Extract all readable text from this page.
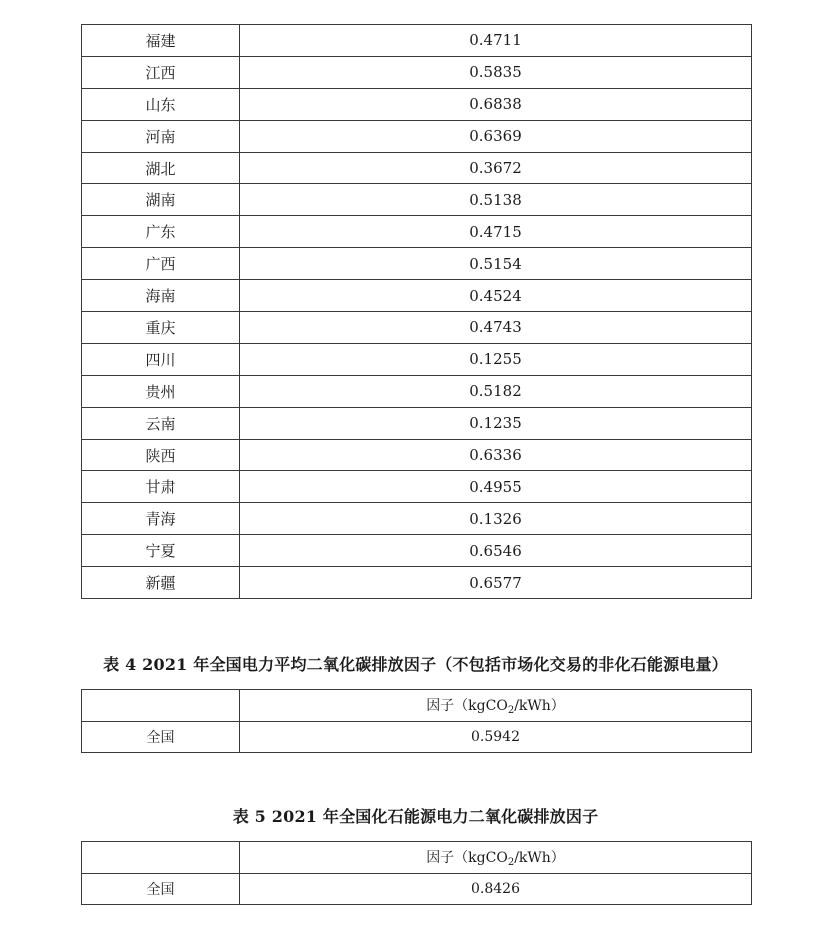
福建	0.4711
江西	0.5835
山东	0.6838
河南	0.6369
湖北	0.3672
湖南	0.5138
广东	0.4715
广西	0.5154
海南	0.4524
重庆	0.4743
四川	0.1255
贵州	0.5182
云南	0.1235
陕西	0.6336
甘肃	0.4955
青海	0.1326
宁夏	0.6546
新疆	0.6577
表 4 2021 年全国电力平均二氧化碳排放因子（不包括市场化交易的非化石能源电量）
	因子（kgCO$_2$/kWh）
全国	0.5942
表 5 2021 年全国化石能源电力二氧化碳排放因子
	因子（kgCO$_2$/kWh）
全国	0.8426
